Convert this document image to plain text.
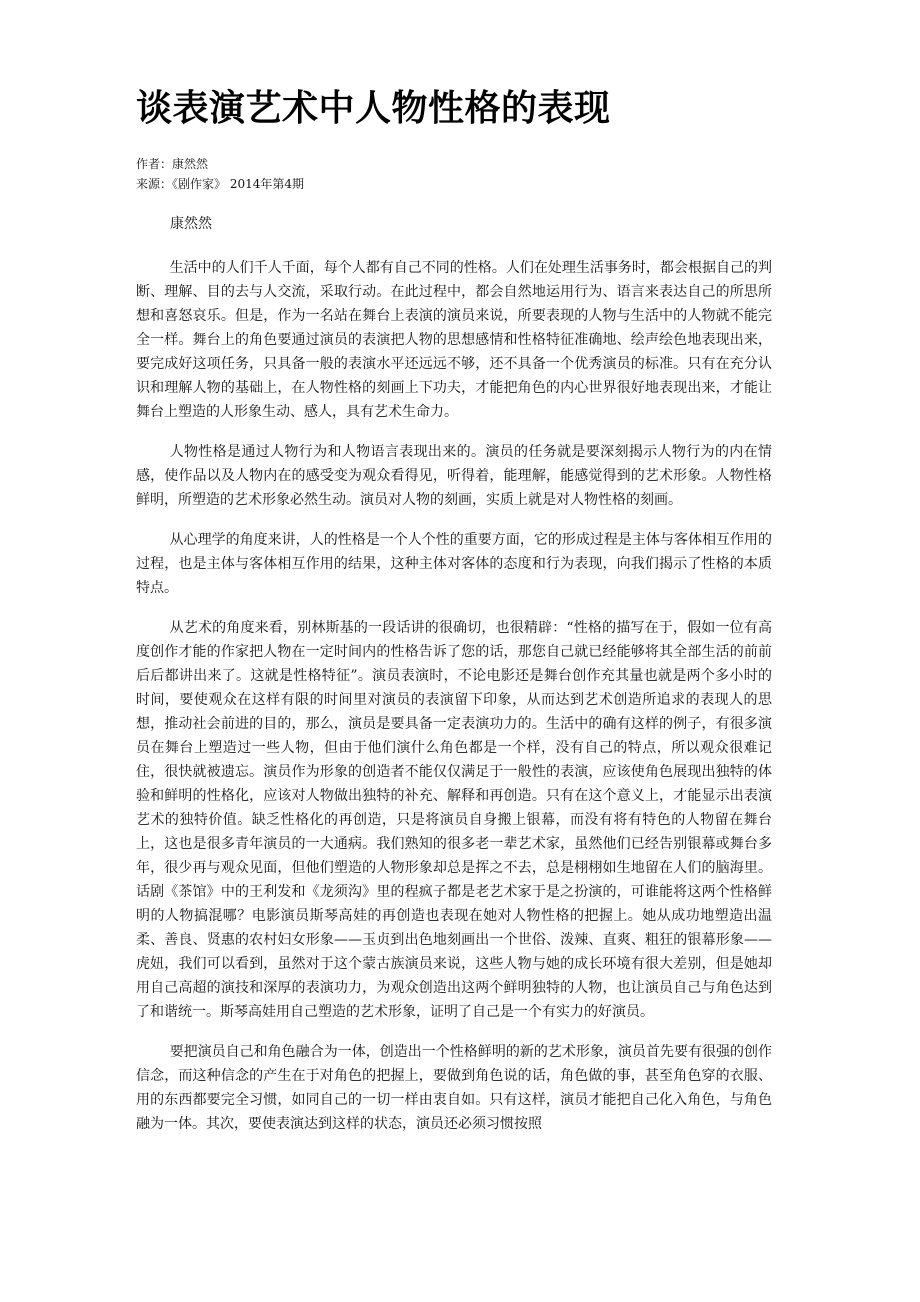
谈表演艺术中人物性格的表现
作者：康然然
来源：《剧作家》 2014年第4期
康然然

生活中的人们千人千面，每个人都有自己不同的性格。人们在处理生活事务时，都会根据自己的判断、理解、目的去与人交流，采取行动。在此过程中，都会自然地运用行为、语言来表达自己的所思所想和喜怒哀乐。但是，作为一名站在舞台上表演的演员来说，所要表现的人物与生活中的人物就不能完全一样。舞台上的角色要通过演员的表演把人物的思想感情和性格特征准确地、绘声绘色地表现出来，要完成好这项任务，只具备一般的表演水平还远远不够，还不具备一个优秀演员的标准。只有在充分认识和理解人物的基础上，在人物性格的刻画上下功夫，才能把角色的内心世界很好地表现出来，才能让舞台上塑造的人形象生动、感人，具有艺术生命力。

人物性格是通过人物行为和人物语言表现出来的。演员的任务就是要深刻揭示人物行为的内在情感，使作品以及人物内在的感受变为观众看得见，听得着，能理解，能感觉得到的艺术形象。人物性格鲜明，所塑造的艺术形象必然生动。演员对人物的刻画，实质上就是对人物性格的刻画。

从心理学的角度来讲，人的性格是一个人个性的重要方面，它的形成过程是主体与客体相互作用的过程，也是主体与客体相互作用的结果，这种主体对客体的态度和行为表现，向我们揭示了性格的本质特点。

从艺术的角度来看，别林斯基的一段话讲的很确切，也很精辟：“性格的描写在于，假如一位有高度创作才能的作家把人物在一定时间内的性格告诉了您的话，那您自己就已经能够将其全部生活的前前后后都讲出来了。这就是性格特征”。演员表演时，不论电影还是舞台创作充其量也就是两个多小时的时间，要使观众在这样有限的时间里对演员的表演留下印象，从而达到艺术创造所追求的表现人的思想，推动社会前进的目的，那么，演员是要具备一定表演功力的。生活中的确有这样的例子，有很多演员在舞台上塑造过一些人物，但由于他们演什么角色都是一个样，没有自己的特点，所以观众很难记住，很快就被遗忘。演员作为形象的创造者不能仅仅满足于一般性的表演，应该使角色展现出独特的体验和鲜明的性格化，应该对人物做出独特的补充、解释和再创造。只有在这个意义上，才能显示出表演艺术的独特价值。缺乏性格化的再创造，只是将演员自身搬上银幕，而没有将有特色的人物留在舞台上，这也是很多青年演员的一大通病。我们熟知的很多老一辈艺术家，虽然他们已经告别银幕或舞台多年，很少再与观众见面，但他们塑造的人物形象却总是挥之不去，总是栩栩如生地留在人们的脑海里。话剧《茶馆》中的王利发和《龙须沟》里的程疯子都是老艺术家于是之扮演的，可谁能将这两个性格鲜明的人物搞混哪？电影演员斯琴高娃的再创造也表现在她对人物性格的把握上。她从成功地塑造出温柔、善良、贤惠的农村妇女形象——玉贞到出色地刻画出一个世俗、泼辣、直爽、粗狂的银幕形象——虎妞，我们可以看到，虽然对于这个蒙古族演员来说，这些人物与她的成长环境有很大差别，但是她却用自己高超的演技和深厚的表演功力，为观众创造出这两个鲜明独特的人物，也让演员自己与角色达到了和谐统一。斯琴高娃用自己塑造的艺术形象，证明了自己是一个有实力的好演员。

要把演员自己和角色融合为一体，创造出一个性格鲜明的新的艺术形象，演员首先要有很强的创作信念，而这种信念的产生在于对角色的把握上，要做到角色说的话，角色做的事，甚至角色穿的衣服、用的东西都要完全习惯，如同自己的一切一样由衷自如。只有这样，演员才能把自己化入角色，与角色融为一体。其次，要使表演达到这样的状态，演员还必须习惯按照
